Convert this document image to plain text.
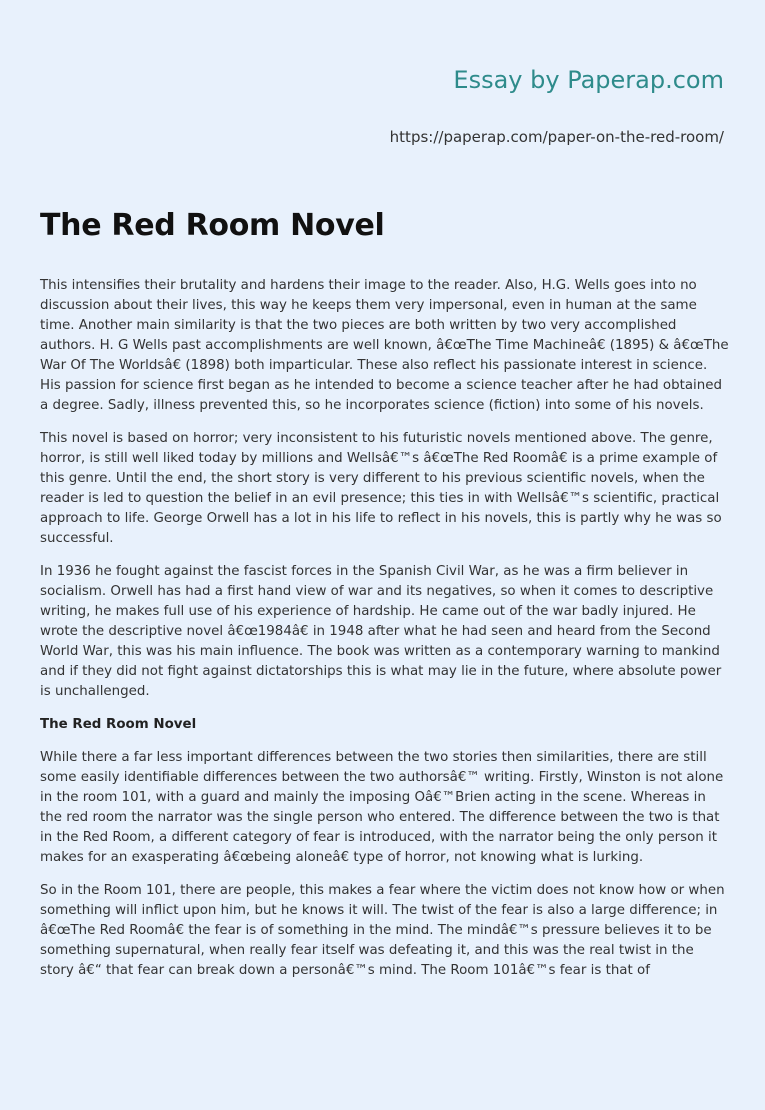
Essay by Paperap.com
https://paperap.com/paper-on-the-red-room/
The Red Room Novel

This intensifies their brutality and hardens their image to the reader. Also, H.G. Wells goes into no discussion about their lives, this way he keeps them very impersonal, even in human at the same time. Another main similarity is that the two pieces are both written by two very accomplished authors. H. G Wells past accomplishments are well known, â€œThe Time Machineâ€ (1895) & â€œThe War Of The Worldsâ€ (1898) both imparticular. These also reflect his passionate interest in science. His passion for science first began as he intended to become a science teacher after he had obtained a degree. Sadly, illness prevented this, so he incorporates science (fiction) into some of his novels.

This novel is based on horror; very inconsistent to his futuristic novels mentioned above. The genre, horror, is still well liked today by millions and Wellsâ€™s â€œThe Red Roomâ€ is a prime example of this genre. Until the end, the short story is very different to his previous scientific novels, when the reader is led to question the belief in an evil presence; this ties in with Wellsâ€™s scientific, practical approach to life. George Orwell has a lot in his life to reflect in his novels, this is partly why he was so successful.

In 1936 he fought against the fascist forces in the Spanish Civil War, as he was a firm believer in socialism. Orwell has had a first hand view of war and its negatives, so when it comes to descriptive writing, he makes full use of his experience of hardship. He came out of the war badly injured. He wrote the descriptive novel â€œ1984â€ in 1948 after what he had seen and heard from the Second World War, this was his main influence. The book was written as a contemporary warning to mankind and if they did not fight against dictatorships this is what may lie in the future, where absolute power is unchallenged.

The Red Room Novel

While there a far less important differences between the two stories then similarities, there are still some easily identifiable differences between the two authorsâ€™ writing. Firstly, Winston is not alone in the room 101, with a guard and mainly the imposing Oâ€™Brien acting in the scene. Whereas in the red room the narrator was the single person who entered. The difference between the two is that in the Red Room, a different category of fear is introduced, with the narrator being the only person it makes for an exasperating â€œbeing aloneâ€ type of horror, not knowing what is lurking.

So in the Room 101, there are people, this makes a fear where the victim does not know how or when something will inflict upon him, but he knows it will. The twist of the fear is also a large difference; in â€œThe Red Roomâ€ the fear is of something in the mind. The mindâ€™s pressure believes it to be something supernatural, when really fear itself was defeating it, and this was the real twist in the story â€“ that fear can break down a personâ€™s mind. The Room 101â€™s fear is that of
